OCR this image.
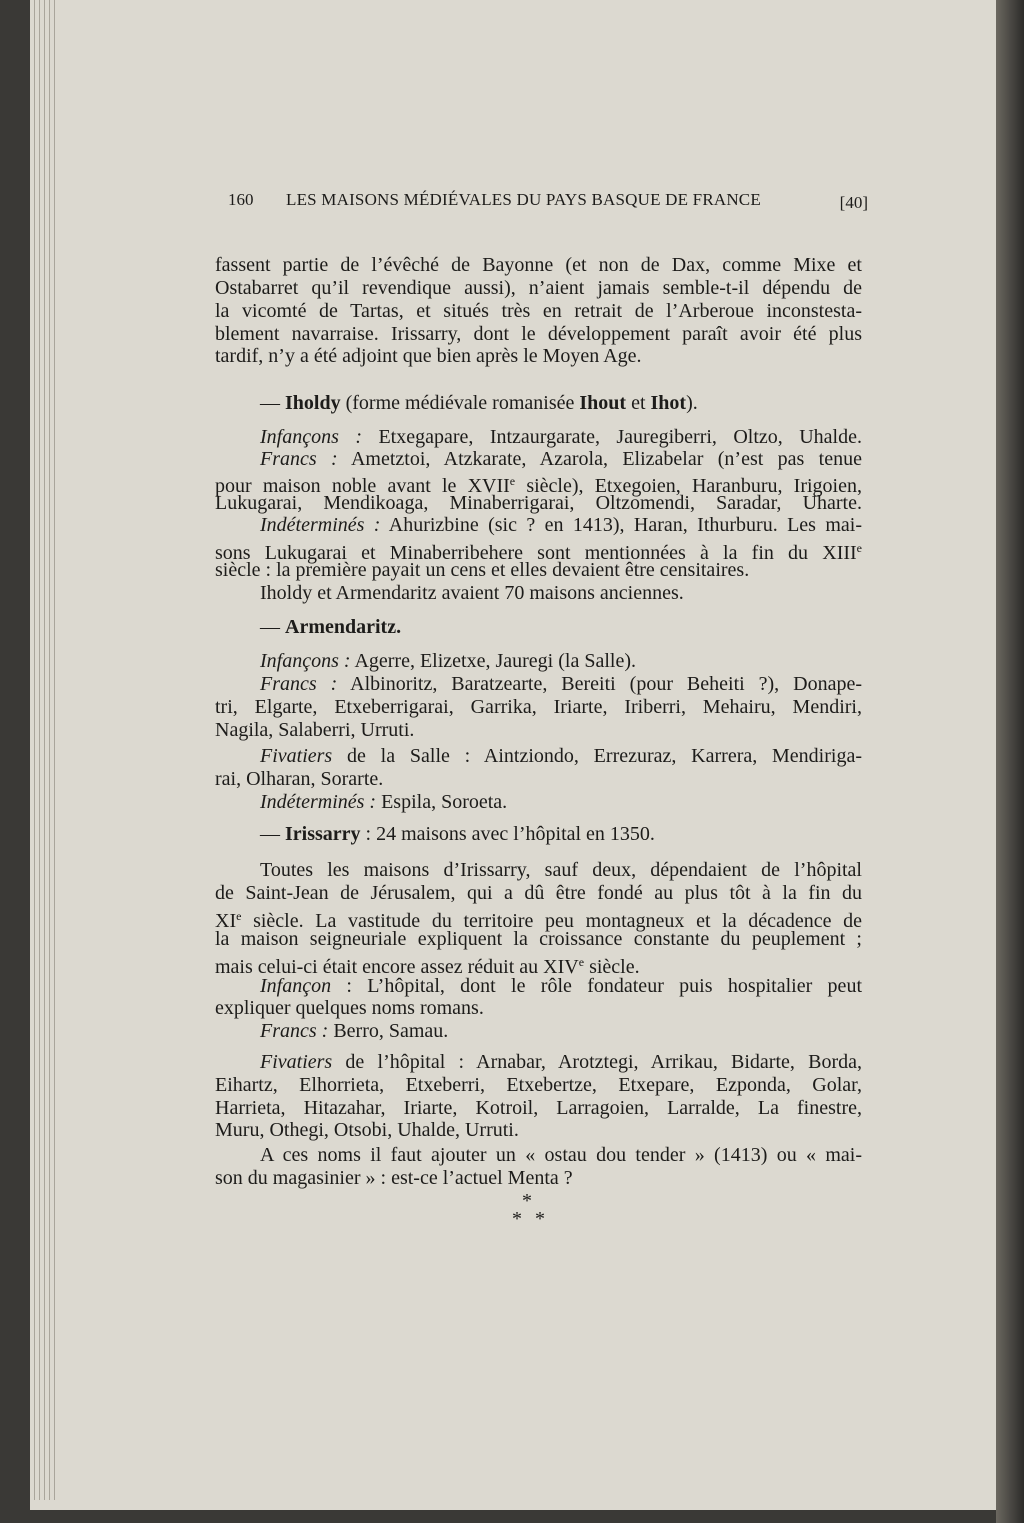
160 LES MAISONS MÉDIÉVALES DU PAYS BASQUE DE FRANCE	[40]
fassent partie de l’évêché de Bayonne (et non de Dax, comme Mixe et
Ostabarret qu’il revendique aussi), n’aient jamais semble-t-il dépendu de
la vicomté de Tartas, et situés très en retrait de l’Arberoue inconstesta-
blement navarraise. Irissarry, dont le développement paraît avoir été plus
tardif, n’y a été adjoint que bien après le Moyen Age.
— Iholdy (forme médiévale romanisée Ihout et Ihot).
Infançons : Etxegapare, Intzaurgarate, Jauregiberri, Oltzo, Uhalde.
Francs : Ametztoi, Atzkarate, Azarola, Elizabelar (n’est pas tenue
pour maison noble avant le XVIIe siècle), Etxegoien, Haranburu, Irigoien,
Lukugarai, Mendikoaga, Minaberrigarai, Oltzomendi, Saradar, Uharte.
Indéterminés : Ahurizbine (sic ? en 1413), Haran, Ithurburu. Les mai-
sons Lukugarai et Minaberribehere sont mentionnées à la fin du XIIIe
siècle : la première payait un cens et elles devaient être censitaires.
Iholdy et Armendaritz avaient 70 maisons anciennes.
— Armendaritz.
Infançons : Agerre, Elizetxe, Jauregi (la Salle).
Francs : Albinoritz, Baratzearte, Bereiti (pour Beheiti ?), Donape-
tri, Elgarte, Etxeberrigarai, Garrika, Iriarte, Iriberri, Mehairu, Mendiri,
Nagila, Salaberri, Urruti.
Fivatiers de la Salle : Aintziondo, Errezuraz, Karrera, Mendiriga-
rai, Olharan, Sorarte.
Indéterminés : Espila, Soroeta.
— Irissarry : 24 maisons avec l’hôpital en 1350.
Toutes les maisons d’Irissarry, sauf deux, dépendaient de l’hôpital
de Saint-Jean de Jérusalem, qui a dû être fondé au plus tôt à la fin du
XIe siècle. La vastitude du territoire peu montagneux et la décadence de
la maison seigneuriale expliquent la croissance constante du peuplement ;
mais celui-ci était encore assez réduit au XIVe siècle.
Infançon : L’hôpital, dont le rôle fondateur puis hospitalier peut
expliquer quelques noms romans.
Francs : Berro, Samau.
Fivatiers de l’hôpital : Arnabar, Arotztegi, Arrikau, Bidarte, Borda,
Eihartz, Elhorrieta, Etxeberri, Etxebertze, Etxepare, Ezponda, Golar,
Harrieta, Hitazahar, Iriarte, Kotroil, Larragoien, Larralde, La finestre,
Muru, Othegi, Otsobi, Uhalde, Urruti.
A ces noms il faut ajouter un « ostau dou tender » (1413) ou « mai-
son du magasinier » : est-ce l’actuel Menta ?
*
* *
